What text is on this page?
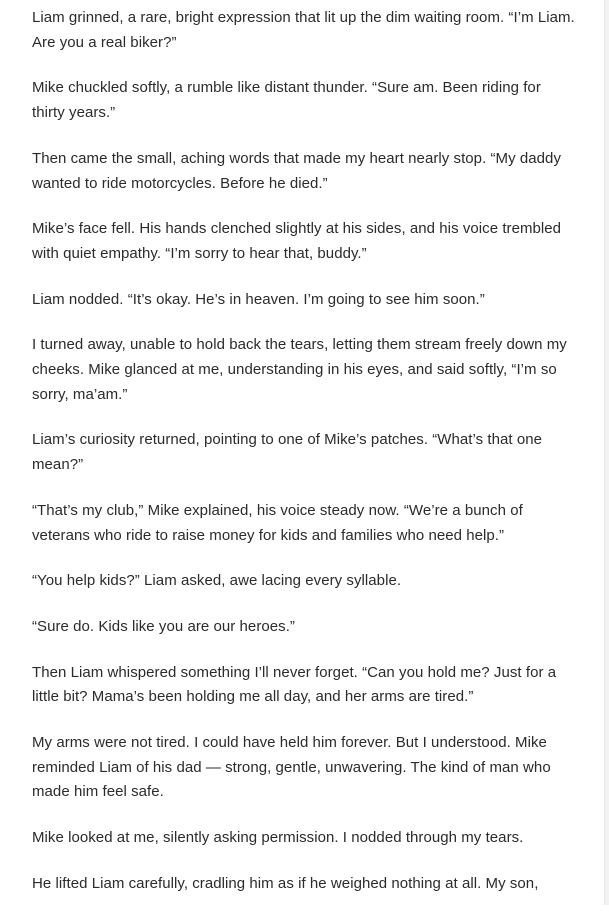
Liam grinned, a rare, bright expression that lit up the dim waiting room. “I’m Liam. Are you a real biker?”

Mike chuckled softly, a rumble like distant thunder. “Sure am. Been riding for thirty years.”

Then came the small, aching words that made my heart nearly stop. “My daddy wanted to ride motorcycles. Before he died.”

Mike’s face fell. His hands clenched slightly at his sides, and his voice trembled with quiet empathy. “I’m sorry to hear that, buddy.”

Liam nodded. “It’s okay. He’s in heaven. I’m going to see him soon.”

I turned away, unable to hold back the tears, letting them stream freely down my cheeks. Mike glanced at me, understanding in his eyes, and said softly, “I’m so sorry, ma’am.”

Liam’s curiosity returned, pointing to one of Mike’s patches. “What’s that one mean?”

“That’s my club,” Mike explained, his voice steady now. “We’re a bunch of veterans who ride to raise money for kids and families who need help.”

“You help kids?” Liam asked, awe lacing every syllable.

“Sure do. Kids like you are our heroes.”

Then Liam whispered something I’ll never forget. “Can you hold me? Just for a little bit? Mama’s been holding me all day, and her arms are tired.”

My arms were not tired. I could have held him forever. But I understood. Mike reminded Liam of his dad — strong, gentle, unwavering. The kind of man who made him feel safe.

Mike looked at me, silently asking permission. I nodded through my tears.

He lifted Liam carefully, cradling him as if he weighed nothing at all. My son,
